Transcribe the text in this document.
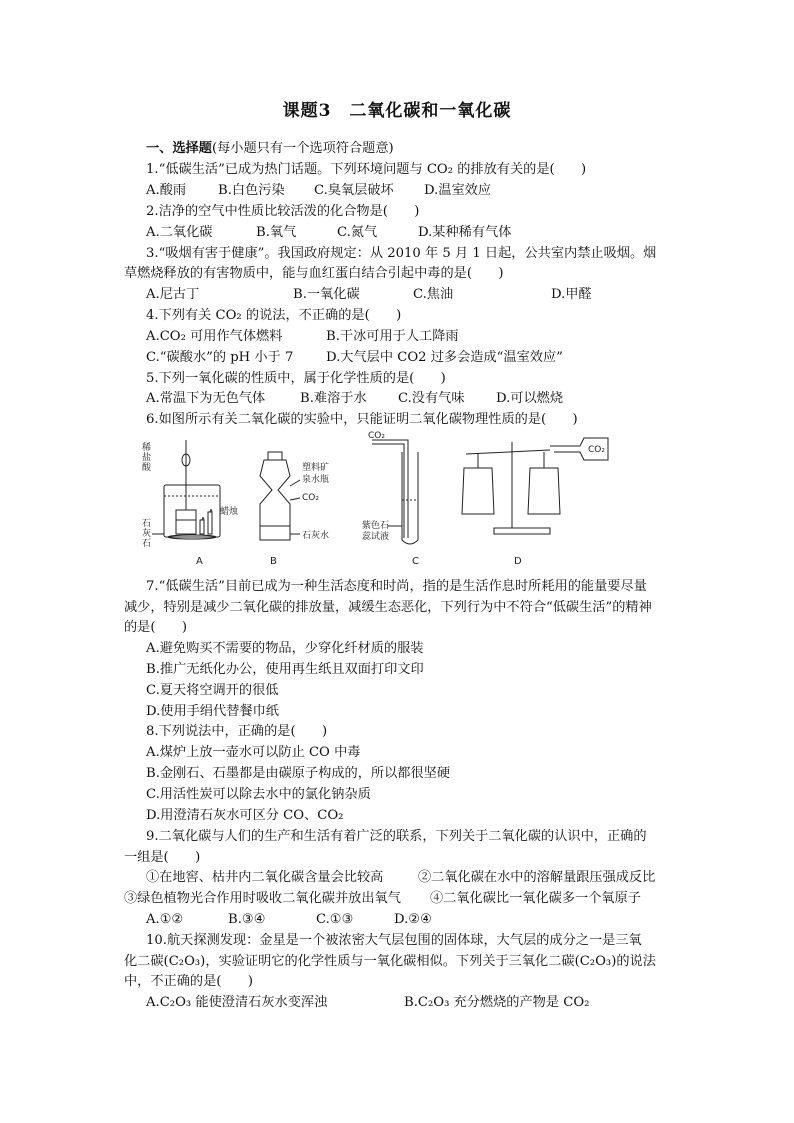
课题3　二氧化碳和一氧化碳
一、选择题(每小题只有一个选项符合题意)
1.“低碳生活”已成为热门话题。下列环境问题与 CO₂ 的排放有关的是(　　)
A.酸雨 B.白色污染 C.臭氧层破坏 D.温室效应
2.洁净的空气中性质比较活泼的化合物是(　　)
A.二氧化碳	B.氧气	C.氮气	D.某种稀有气体
3.“吸烟有害于健康”。我国政府规定：从 2010 年 5 月 1 日起，公共室内禁止吸烟。烟
草燃烧释放的有害物质中，能与血红蛋白结合引起中毒的是(　　)
A.尼古丁	B.一氧化碳	C.焦油	D.甲醛
4.下列有关 CO₂ 的说法，不正确的是(　　)
A.CO₂ 可用作气体燃料	B.干冰可用于人工降雨
C.“碳酸水”的 pH 小于 7 D.大气层中 CO2 过多会造成“温室效应”
5.下列一氧化碳的性质中，属于化学性质的是(　　)
A.常温下为无色气体	B.难溶于水 C.没有气味 D.可以燃烧
6.如图所示有关二氧化碳的实验中，只能证明二氧化碳物理性质的是(　　)
稀
盐
酸
石
灰
石
蜡烛
塑料矿
泉水瓶
CO₂
石灰水
CO₂
紫色石
蕊试液
CO₂
A	B	C	D
7.“低碳生活”目前已成为一种生活态度和时尚，指的是生活作息时所耗用的能量要尽量
减少，特别是减少二氧化碳的排放量，减缓生态恶化，下列行为中不符合“低碳生活”的精神
的是(　　)
A.避免购买不需要的物品，少穿化纤材质的服装
B.推广无纸化办公，使用再生纸且双面打印文印
C.夏天将空调开的很低
D.使用手绢代替餐巾纸
8.下列说法中，正确的是(　　)
A.煤炉上放一壶水可以防止 CO 中毒
B.金刚石、石墨都是由碳原子构成的，所以都很坚硬
C.用活性炭可以除去水中的氯化钠杂质
D.用澄清石灰水可区分 CO、CO₂
9.二氧化碳与人们的生产和生活有着广泛的联系，下列关于二氧化碳的认识中，正确的
一组是(　　)
①在地窖、枯井内二氧化碳含量会比较高	②二氧化碳在水中的溶解量跟压强成反比
③绿色植物光合作用时吸收二氧化碳并放出氧气 ④二氧化碳比一氧化碳多一个氧原子
A.①②	B.③④	C.①③	D.②④
10.航天探测发现：金星是一个被浓密大气层包围的固体球，大气层的成分之一是三氧
化二碳(C₂O₃)，实验证明它的化学性质与一氧化碳相似。下列关于三氧化二碳(C₂O₃)的说法
中，不正确的是(　　)
A.C₂O₃ 能使澄清石灰水变浑浊	B.C₂O₃ 充分燃烧的产物是 CO₂
